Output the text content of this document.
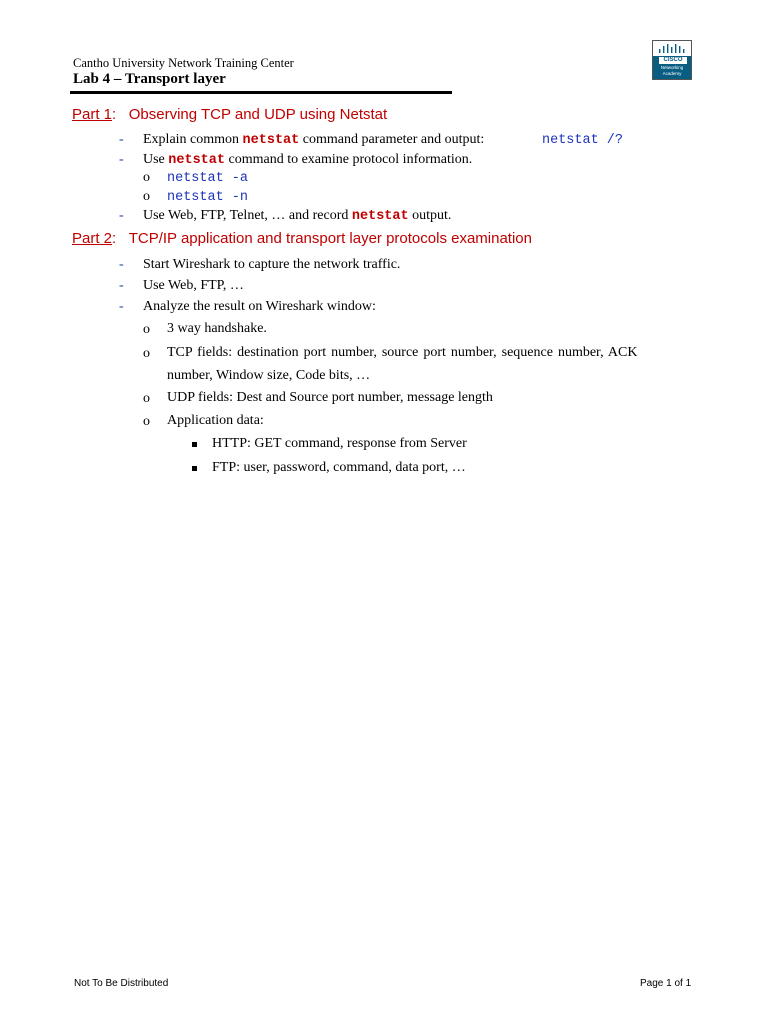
Cantho University Network Training Center
Lab 4 – Transport layer
CISCO
Networking
Academy
Part 1: Observing TCP and UDP using Netstat
- Explain common netstat command parameter and output:	netstat /?
- Use netstat command to examine protocol information.
o netstat -a
o netstat -n
- Use Web, FTP, Telnet, … and record netstat output.
Part 2: TCP/IP application and transport layer protocols examination
- Start Wireshark to capture the network traffic.
- Use Web, FTP, …
- Analyze the result on Wireshark window:
o 3 way handshake.
o TCP fields: destination port number, source port number, sequence number, ACK
number, Window size, Code bits, …
o UDP fields: Dest and Source port number, message length
o Application data:
HTTP: GET command, response from Server
FTP: user, password, command, data port, …
Not To Be Distributed	Page 1 of 1
